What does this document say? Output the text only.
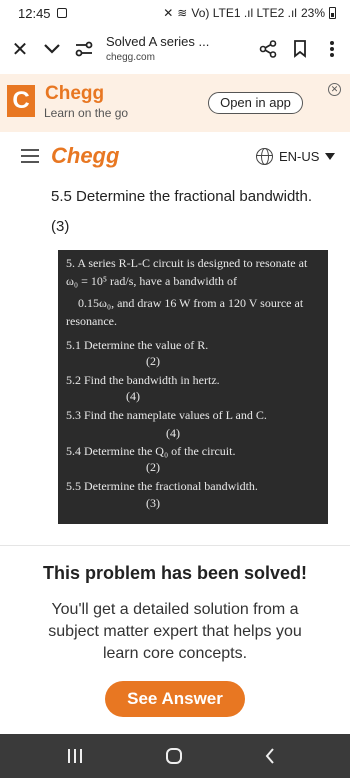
12:45	✕ ≋ Vo) LTE1 .ıl LTE2 .ıl 23%
✕	Solved A series ...
chegg.com
C Chegg
Learn on the go
Open in app
✕
Chegg	EN-US
5.5 Determine the fractional bandwidth.
(3)
5. A series R-L-C circuit is designed to resonate at
ω₀ = 10⁵ rad/s, have a bandwidth of
0.15ω₀, and draw 16 W from a 120 V source at
resonance.
5.1 Determine the value of R.
(2)
5.2 Find the bandwidth in hertz.
(4)
5.3 Find the nameplate values of L and C.
(4)
5.4 Determine the Q₀ of the circuit.
(2)
5.5 Determine the fractional bandwidth.
(3)
This problem has been solved!
You'll get a detailed solution from a subject matter expert that helps you learn core concepts.
See Answer
